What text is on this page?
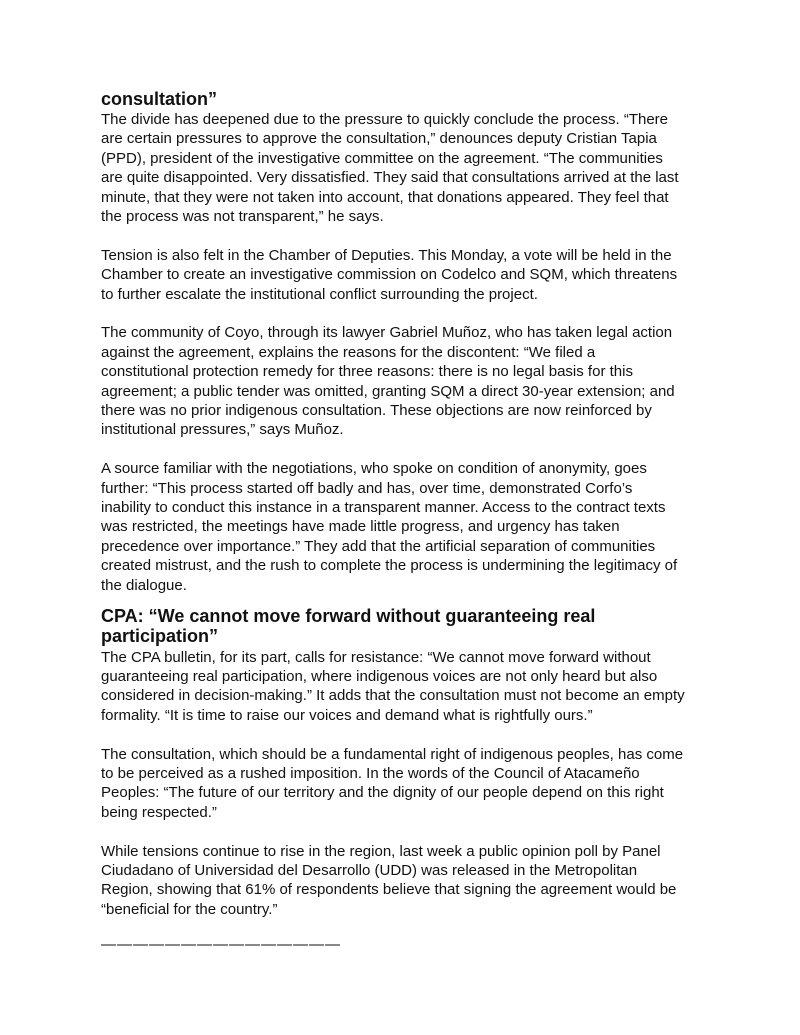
consultation”
The divide has deepened due to the pressure to quickly conclude the process. “There
are certain pressures to approve the consultation,” denounces deputy Cristian Tapia
(PPD), president of the investigative committee on the agreement. “The communities
are quite disappointed. Very dissatisfied. They said that consultations arrived at the last
minute, that they were not taken into account, that donations appeared. They feel that
the process was not transparent,” he says.
Tension is also felt in the Chamber of Deputies. This Monday, a vote will be held in the
Chamber to create an investigative commission on Codelco and SQM, which threatens
to further escalate the institutional conflict surrounding the project.
The community of Coyo, through its lawyer Gabriel Muñoz, who has taken legal action
against the agreement, explains the reasons for the discontent: “We filed a
constitutional protection remedy for three reasons: there is no legal basis for this
agreement; a public tender was omitted, granting SQM a direct 30-year extension; and
there was no prior indigenous consultation. These objections are now reinforced by
institutional pressures,” says Muñoz.
A source familiar with the negotiations, who spoke on condition of anonymity, goes
further: “This process started off badly and has, over time, demonstrated Corfo’s
inability to conduct this instance in a transparent manner. Access to the contract texts
was restricted, the meetings have made little progress, and urgency has taken
precedence over importance.” They add that the artificial separation of communities
created mistrust, and the rush to complete the process is undermining the legitimacy of
the dialogue.
CPA: “We cannot move forward without guaranteeing real
participation”
The CPA bulletin, for its part, calls for resistance: “We cannot move forward without
guaranteeing real participation, where indigenous voices are not only heard but also
considered in decision-making.” It adds that the consultation must not become an empty
formality. “It is time to raise our voices and demand what is rightfully ours.”
The consultation, which should be a fundamental right of indigenous peoples, has come
to be perceived as a rushed imposition. In the words of the Council of Atacameño
Peoples: “The future of our territory and the dignity of our people depend on this right
being respected.”
While tensions continue to rise in the region, last week a public opinion poll by Panel
Ciudadano of Universidad del Desarrollo (UDD) was released in the Metropolitan
Region, showing that 61% of respondents believe that signing the agreement would be
“beneficial for the country.”
———————————————
